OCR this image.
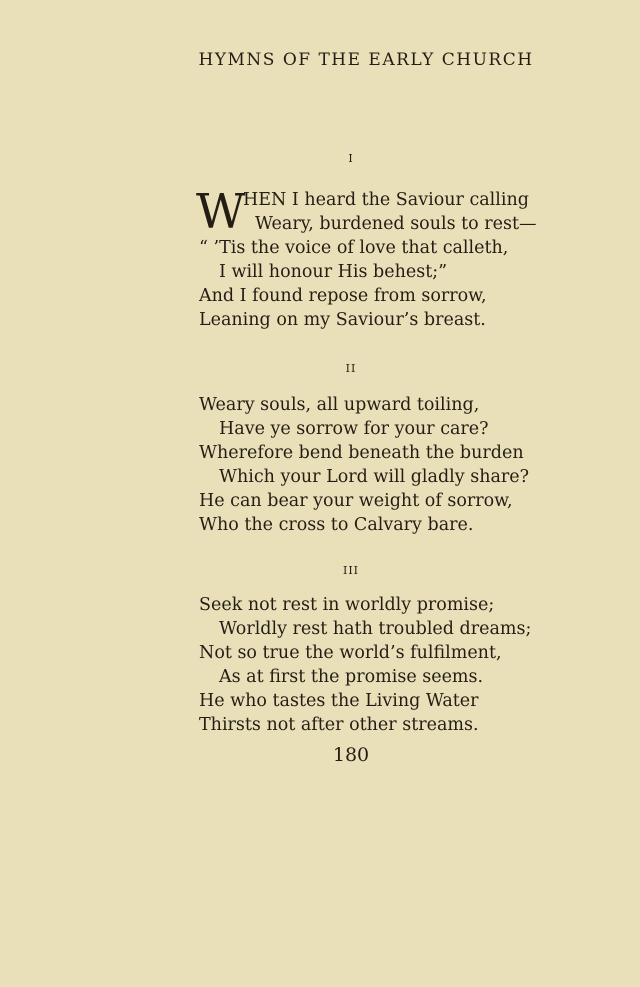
HYMNS OF THE EARLY CHURCH
I
W
HEN I heard the Saviour calling
Weary, burdened souls to rest—
“ ’Tis the voice of love that calleth,
I will honour His behest;”
And I found repose from sorrow,
Leaning on my Saviour’s breast.
II
Weary souls, all upward toiling,
Have ye sorrow for your care?
Wherefore bend beneath the burden
Which your Lord will gladly share?
He can bear your weight of sorrow,
Who the cross to Calvary bare.
III
Seek not rest in worldly promise;
Worldly rest hath troubled dreams;
Not so true the world’s fulfilment,
As at first the promise seems.
He who tastes the Living Water
Thirsts not after other streams.
180
